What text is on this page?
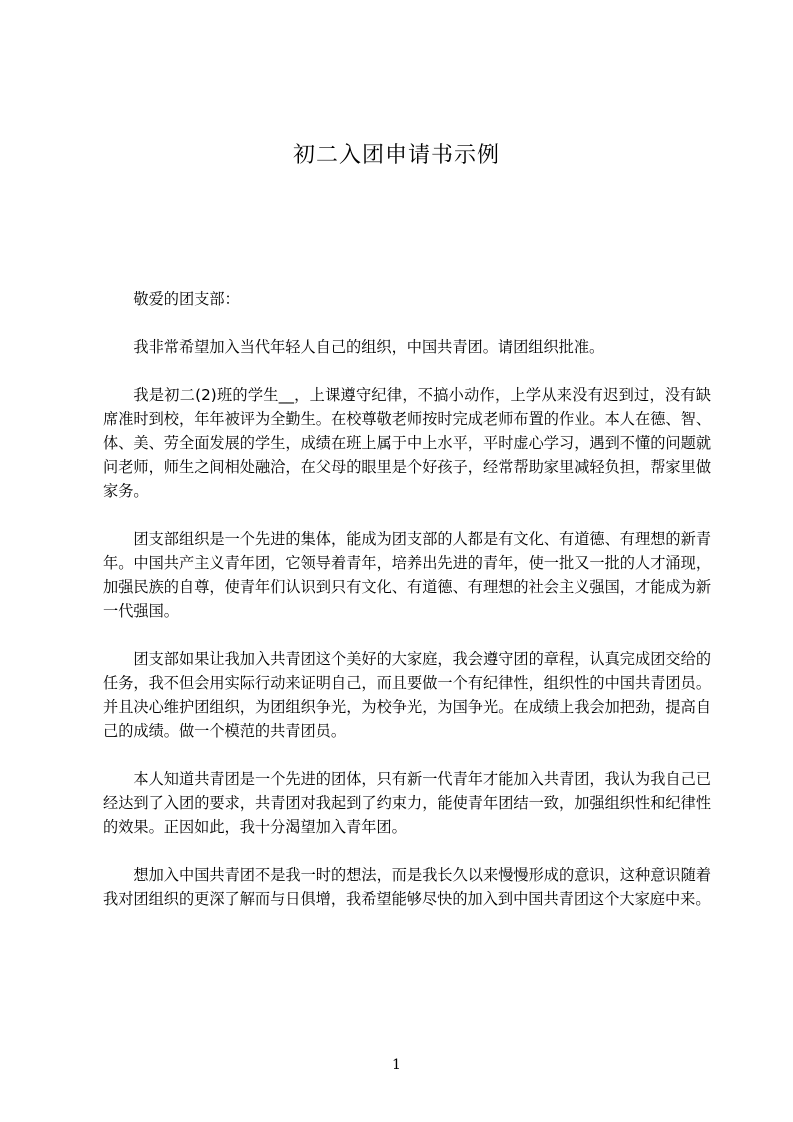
初二入团申请书示例

敬爱的团支部：

我非常希望加入当代年轻人自己的组织，中国共青团。请团组织批准。

我是初二(2)班的学生__，上课遵守纪律，不搞小动作，上学从来没有迟到过，没有缺席准时到校，年年被评为全勤生。在校尊敬老师按时完成老师布置的作业。本人在德、智、体、美、劳全面发展的学生，成绩在班上属于中上水平，平时虚心学习，遇到不懂的问题就问老师，师生之间相处融洽，在父母的眼里是个好孩子，经常帮助家里减轻负担，帮家里做家务。

团支部组织是一个先进的集体，能成为团支部的人都是有文化、有道德、有理想的新青年。中国共产主义青年团，它领导着青年，培养出先进的青年，使一批又一批的人才涌现，加强民族的自尊，使青年们认识到只有文化、有道德、有理想的社会主义强国，才能成为新一代强国。

团支部如果让我加入共青团这个美好的大家庭，我会遵守团的章程，认真完成团交给的任务，我不但会用实际行动来证明自己，而且要做一个有纪律性，组织性的中国共青团员。并且决心维护团组织，为团组织争光，为校争光，为国争光。在成绩上我会加把劲，提高自己的成绩。做一个模范的共青团员。

本人知道共青团是一个先进的团体，只有新一代青年才能加入共青团，我认为我自己已经达到了入团的要求，共青团对我起到了约束力，能使青年团结一致，加强组织性和纪律性的效果。正因如此，我十分渴望加入青年团。

想加入中国共青团不是我一时的想法，而是我长久以来慢慢形成的意识，这种意识随着我对团组织的更深了解而与日俱增，我希望能够尽快的加入到中国共青团这个大家庭中来。

1
